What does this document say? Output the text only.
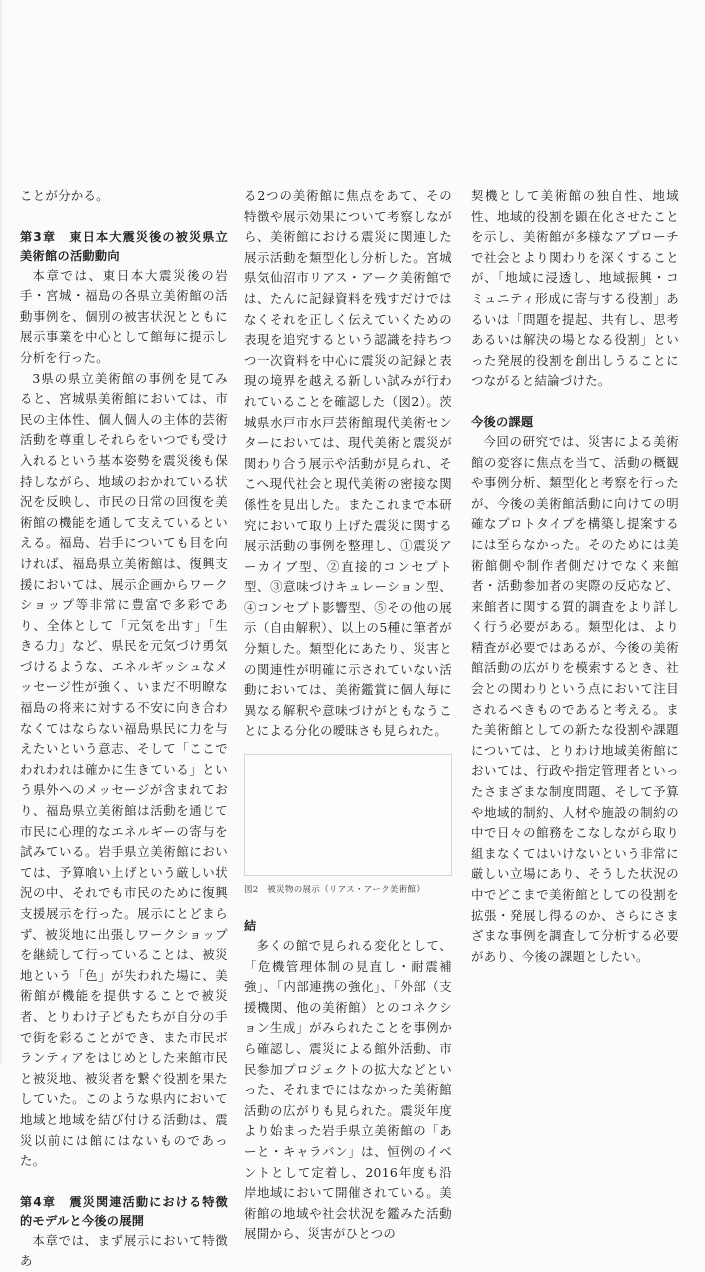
ことが分かる。

第3章　東日本大震災後の被災県立美術館の活動動向

本章では、東日本大震災後の岩手・宮城・福島の各県立美術館の活動事例を、個別の被害状況とともに展示事業を中心として館毎に提示し分析を行った。

3県の県立美術館の事例を見てみると、宮城県美術館においては、市民の主体性、個人個人の主体的芸術活動を尊重しそれらをいつでも受け入れるという基本姿勢を震災後も保持しながら、地域のおかれている状況を反映し、市民の日常の回復を美術館の機能を通して支えているといえる。福島、岩手についても目を向ければ、福島県立美術館は、復興支援においては、展示企画からワークショップ等非常に豊富で多彩であり、全体として「元気を出す」「生きる力」など、県民を元気づけ勇気づけるような、エネルギッシュなメッセージ性が強く、いまだ不明瞭な福島の将来に対する不安に向き合わなくてはならない福島県民に力を与えたいという意志、そして「ここでわれわれは確かに生きている」という県外へのメッセージが含まれており、福島県立美術館は活動を通じて市民に心理的なエネルギーの寄与を試みている。岩手県立美術館においては、予算喰い上げという厳しい状況の中、それでも市民のために復興支援展示を行った。展示にとどまらず、被災地に出張しワークショップを継続して行っていることは、被災地という「色」が失われた場に、美術館が機能を提供することで被災者、とりわけ子どもたちが自分の手で街を彩ることができ、また市民ボランティアをはじめとした来館市民と被災地、被災者を繋ぐ役割を果たしていた。このような県内において地域と地域を結び付ける活動は、震災以前には館にはないものであった。

第4章　震災関連活動における特徴的モデルと今後の展開

本章では、まず展示において特徴あ

る2つの美術館に焦点をあて、その特徴や展示効果について考察しながら、美術館における震災に関連した展示活動を類型化し分析した。宮城県気仙沼市リアス・アーク美術館では、たんに記録資料を残すだけではなくそれを正しく伝えていくための表現を追究するという認識を持ちつつ一次資料を中心に震災の記録と表現の境界を越える新しい試みが行われていることを確認した（図2）。茨城県水戸市水戸芸術館現代美術センターにおいては、現代美術と震災が関わり合う展示や活動が見られ、そこへ現代社会と現代美術の密接な関係性を見出した。またこれまで本研究において取り上げた震災に関する展示活動の事例を整理し、①震災アーカイブ型、②直接的コンセプト型、③意味づけキュレーション型、④コンセプト影響型、⑤その他の展示（自由解釈）、以上の5種に筆者が分類した。類型化にあたり、災害との関連性が明確に示されていない活動においては、美術鑑賞に個人毎に異なる解釈や意味づけがともなうことによる分化の曖昧さも見られた。

図2　被災物の展示（リアス・アーク美術館）

結

多くの館で見られる変化として、「危機管理体制の見直し・耐震補強」、「内部連携の強化」、「外部（支援機関、他の美術館）とのコネクション生成」がみられたことを事例から確認し、震災による館外活動、市民参加プロジェクトの拡大などといった、それまでにはなかった美術館活動の広がりも見られた。震災年度より始まった岩手県立美術館の「あーと・キャラバン」は、恒例のイベントとして定着し、2016年度も沿岸地域において開催されている。美術館の地域や社会状況を鑑みた活動展開から、災害がひとつの

契機として美術館の独自性、地域性、地域的役割を顕在化させたことを示し、美術館が多様なアプローチで社会とより関わりを深くすることが、「地域に浸透し、地域振興・コミュニティ形成に寄与する役割」あるいは「問題を提起、共有し、思考あるいは解決の場となる役割」といった発展的役割を創出しうることにつながると結論づけた。

今後の課題

今回の研究では、災害による美術館の変容に焦点を当て、活動の概観や事例分析、類型化と考察を行ったが、今後の美術館活動に向けての明確なプロトタイプを構築し提案するには至らなかった。そのためには美術館側や制作者側だけでなく来館者・活動参加者の実際の反応など、来館者に関する質的調査をより詳しく行う必要がある。類型化は、より精査が必要ではあるが、今後の美術館活動の広がりを模索するとき、社会との関わりという点において注目されるべきものであると考える。また美術館としての新たな役割や課題については、とりわけ地域美術館においては、行政や指定管理者といったさまざまな制度問題、そして予算や地域的制約、人材や施設の制約の中で日々の館務をこなしながら取り組まなくてはいけないという非常に厳しい立場にあり、そうした状況の中でどこまで美術館としての役割を拡張・発展し得るのか、さらにさまざまな事例を調査して分析する必要があり、今後の課題としたい。
